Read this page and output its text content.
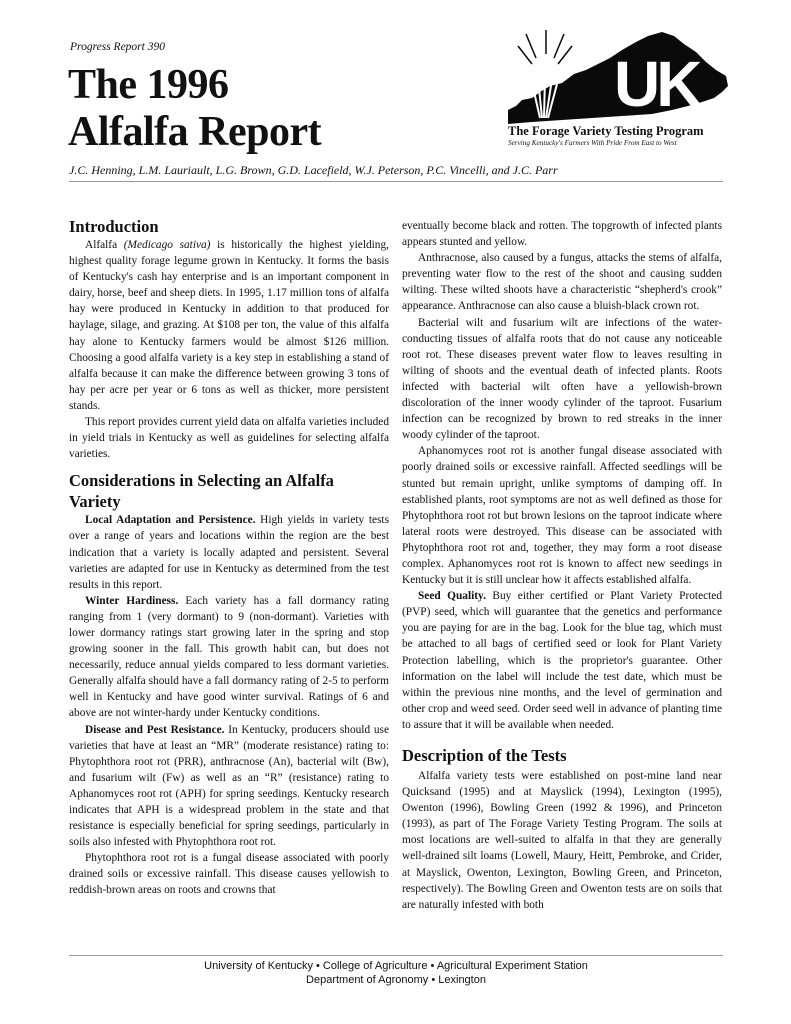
Progress Report 390
The 1996
Alfalfa Report
UK
The Forage Variety Testing Program
Serving Kentucky's Farmers With Pride From East to West
J.C. Henning, L.M. Lauriault, L.G. Brown, G.D. Lacefield, W.J. Peterson, P.C. Vincelli, and J.C. Parr
Introduction

Alfalfa (Medicago sativa) is historically the highest yielding, highest quality forage legume grown in Kentucky. It forms the basis of Kentucky's cash hay enterprise and is an important component in dairy, horse, beef and sheep diets. In 1995, 1.17 million tons of alfalfa hay were produced in Kentucky in addition to that produced for haylage, silage, and grazing. At $108 per ton, the value of this alfalfa hay alone to Kentucky farmers would be almost $126 million. Choosing a good alfalfa variety is a key step in establishing a stand of alfalfa because it can make the difference between growing 3 tons of hay per acre per year or 6 tons as well as thicker, more persistent stands.

This report provides current yield data on alfalfa varieties included in yield trials in Kentucky as well as guidelines for selecting alfalfa varieties.

Considerations in Selecting an Alfalfa Variety

Local Adaptation and Persistence. High yields in variety tests over a range of years and locations within the region are the best indication that a variety is locally adapted and persistent. Several varieties are adapted for use in Kentucky as determined from the test results in this report.

Winter Hardiness. Each variety has a fall dormancy rating ranging from 1 (very dormant) to 9 (non-dormant). Varieties with lower dormancy ratings start growing later in the spring and stop growing sooner in the fall. This growth habit can, but does not necessarily, reduce annual yields compared to less dormant varieties. Generally alfalfa should have a fall dormancy rating of 2-5 to perform well in Kentucky and have good winter survival. Ratings of 6 and above are not winter-hardy under Kentucky conditions.

Disease and Pest Resistance. In Kentucky, producers should use varieties that have at least an “MR” (moderate resistance) rating to: Phytophthora root rot (PRR), anthracnose (An), bacterial wilt (Bw), and fusarium wilt (Fw) as well as an “R” (resistance) rating to Aphanomyces root rot (APH) for spring seedings. Kentucky research indicates that APH is a widespread problem in the state and that resistance is especially beneficial for spring seedings, particularly in soils also infested with Phytophthora root rot.

Phytophthora root rot is a fungal disease associated with poorly drained soils or excessive rainfall. This disease causes yellowish to reddish-brown areas on roots and crowns that

eventually become black and rotten. The topgrowth of infected plants appears stunted and yellow.

Anthracnose, also caused by a fungus, attacks the stems of alfalfa, preventing water flow to the rest of the shoot and causing sudden wilting. These wilted shoots have a characteristic “shepherd's crook” appearance. Anthracnose can also cause a bluish-black crown rot.

Bacterial wilt and fusarium wilt are infections of the water-conducting tissues of alfalfa roots that do not cause any noticeable root rot. These diseases prevent water flow to leaves resulting in wilting of shoots and the eventual death of infected plants. Roots infected with bacterial wilt often have a yellowish-brown discoloration of the inner woody cylinder of the taproot. Fusarium infection can be recognized by brown to red streaks in the inner woody cylinder of the taproot.

Aphanomyces root rot is another fungal disease associated with poorly drained soils or excessive rainfall. Affected seedlings will be stunted but remain upright, unlike symptoms of damping off. In established plants, root symptoms are not as well defined as those for Phytophthora root rot but brown lesions on the taproot indicate where lateral roots were destroyed. This disease can be associated with Phytophthora root rot and, together, they may form a root disease complex. Aphanomyces root rot is known to affect new seedings in Kentucky but it is still unclear how it affects established alfalfa.

Seed Quality. Buy either certified or Plant Variety Protected (PVP) seed, which will guarantee that the genetics and performance you are paying for are in the bag. Look for the blue tag, which must be attached to all bags of certified seed or look for Plant Variety Protection labelling, which is the proprietor's guarantee. Other information on the label will include the test date, which must be within the previous nine months, and the level of germination and other crop and weed seed. Order seed well in advance of planting time to assure that it will be available when needed.

Description of the Tests

Alfalfa variety tests were established on post-mine land near Quicksand (1995) and at Mayslick (1994), Lexington (1995), Owenton (1996), Bowling Green (1992 & 1996), and Princeton (1993), as part of The Forage Variety Testing Program. The soils at most locations are well-suited to alfalfa in that they are generally well-drained silt loams (Lowell, Maury, Heitt, Pembroke, and Crider, at Mayslick, Owenton, Lexington, Bowling Green, and Princeton, respectively). The Bowling Green and Owenton tests are on soils that are naturally infested with both

University of Kentucky • College of Agriculture • Agricultural Experiment Station
Department of Agronomy • Lexington
